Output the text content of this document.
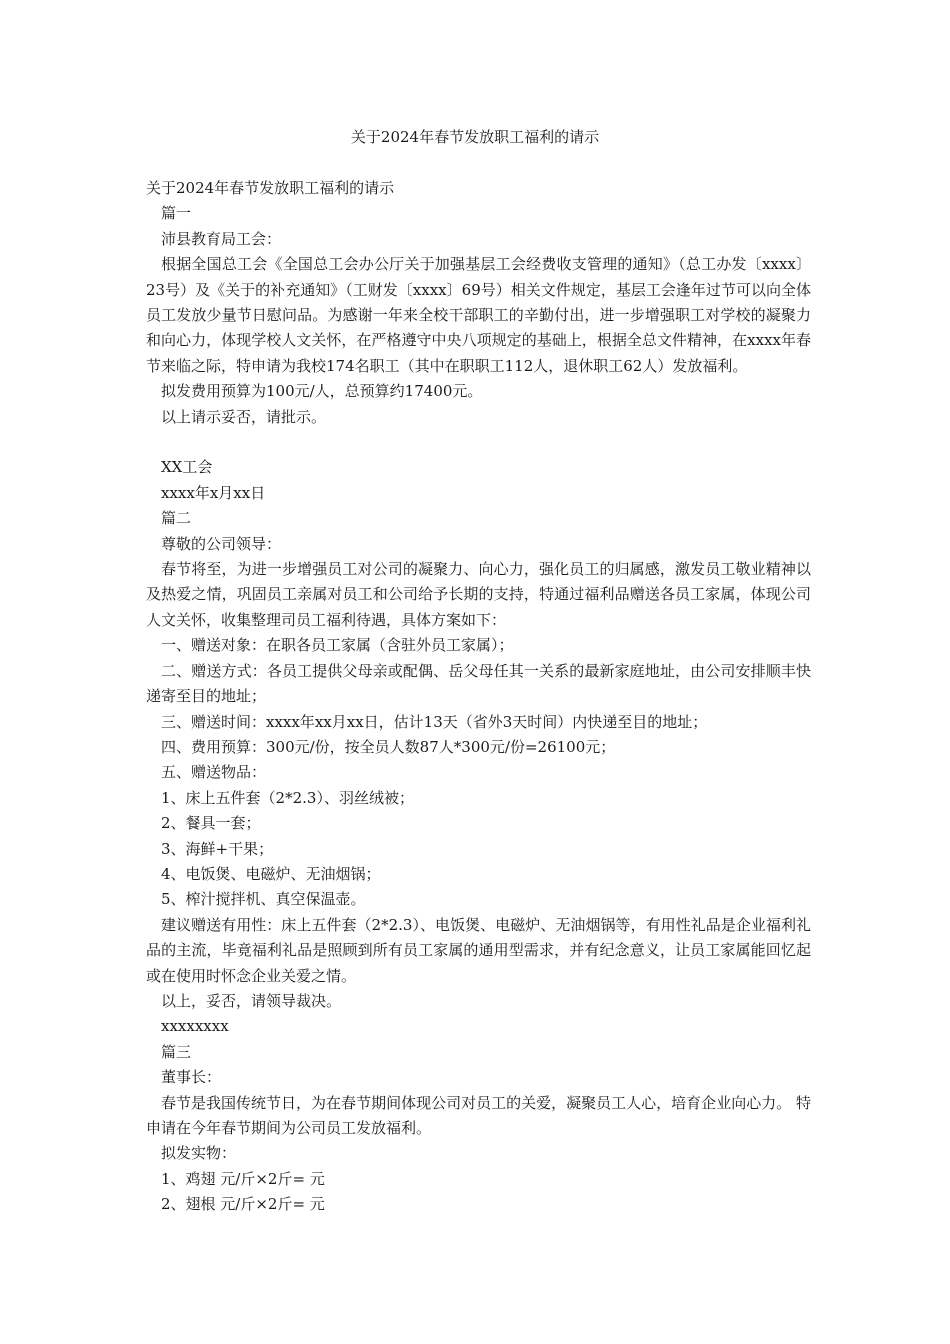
关于2024年春节发放职工福利的请示

关于2024年春节发放职工福利的请示

篇一

沛县教育局工会：

根据全国总工会《全国总工会办公厅关于加强基层工会经费收支管理的通知》（总工办发〔xxxx〕23号）及《关于的补充通知》（工财发〔xxxx〕69号）相关文件规定，基层工会逢年过节可以向全体员工发放少量节日慰问品。为感谢一年来全校干部职工的辛勤付出，进一步增强职工对学校的凝聚力和向心力，体现学校人文关怀，在严格遵守中央八项规定的基础上，根据全总文件精神，在xxxx年春节来临之际，特申请为我校174名职工（其中在职职工112人，退休职工62人）发放福利。

拟发费用预算为100元/人，总预算约17400元。

以上请示妥否，请批示。

XX工会

xxxx年x月xx日

篇二

尊敬的公司领导：

春节将至，为进一步增强员工对公司的凝聚力、向心力，强化员工的归属感，激发员工敬业精神以及热爱之情，巩固员工亲属对员工和公司给予长期的支持，特通过福利品赠送各员工家属，体现公司人文关怀，收集整理司员工福利待遇，具体方案如下：

一、赠送对象：在职各员工家属（含驻外员工家属）；

二、赠送方式：各员工提供父母亲或配偶、岳父母任其一关系的最新家庭地址，由公司安排顺丰快递寄至目的地址；

三、赠送时间：xxxx年xx月xx日，估计13天（省外3天时间）内快递至目的地址；

四、费用预算：300元/份，按全员人数87人*300元/份=26100元；

五、赠送物品：

1、床上五件套（2*2.3）、羽丝绒被；

2、餐具一套；

3、海鲜+干果；

4、电饭煲、电磁炉、无油烟锅；

5、榨汁搅拌机、真空保温壶。

建议赠送有用性：床上五件套（2*2.3）、电饭煲、电磁炉、无油烟锅等，有用性礼品是企业福利礼品的主流，毕竟福利礼品是照顾到所有员工家属的通用型需求，并有纪念意义，让员工家属能回忆起或在使用时怀念企业关爱之情。

以上，妥否，请领导裁决。

xxxxxxxx

篇三

董事长：

春节是我国传统节日，为在春节期间体现公司对员工的关爱，凝聚员工人心，培育企业向心力。 特申请在今年春节期间为公司员工发放福利。

拟发实物：

1、鸡翅 元/斤×2斤= 元

2、翅根 元/斤×2斤= 元
